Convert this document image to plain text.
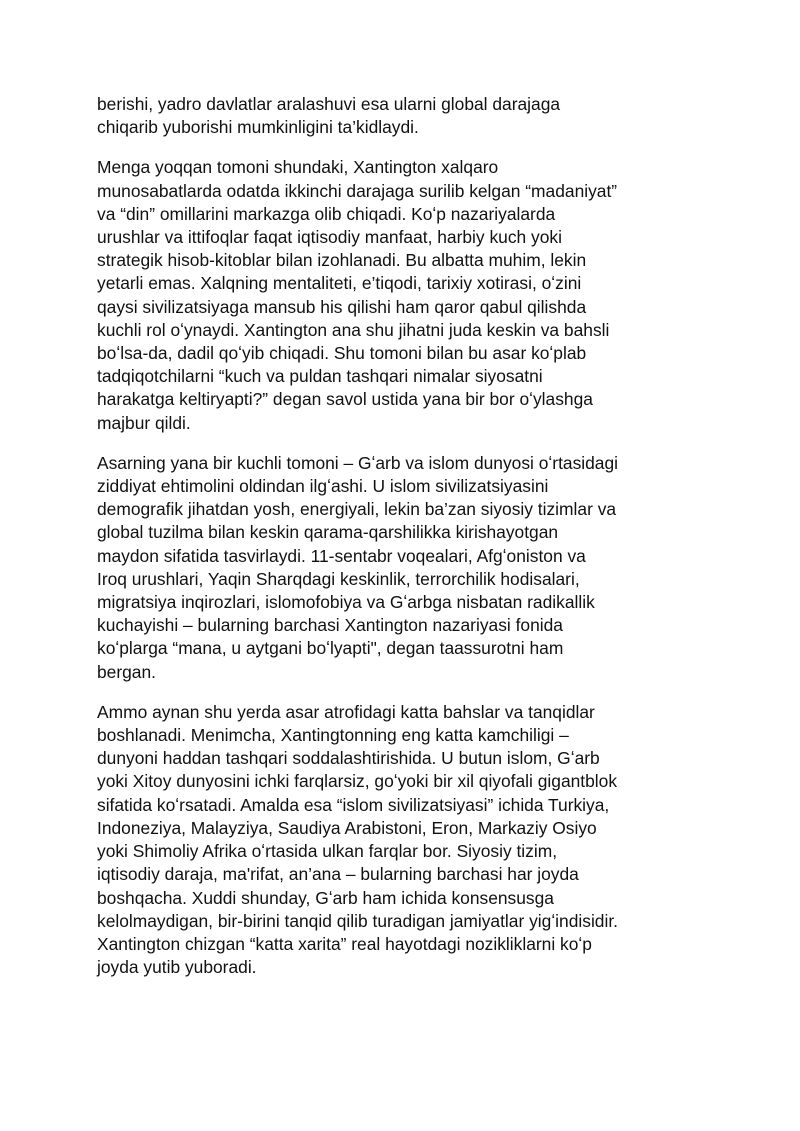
berishi, yadro davlatlar aralashuvi esa ularni global darajaga
chiqarib yuborishi mumkinligini ta’kidlaydi.
Menga yoqqan tomoni shundaki, Xantington xalqaro
munosabatlarda odatda ikkinchi darajaga surilib kelgan “madaniyat”
va “din” omillarini markazga olib chiqadi. Koʻp nazariyalarda
urushlar va ittifoqlar faqat iqtisodiy manfaat, harbiy kuch yoki
strategik hisob-kitoblar bilan izohlanadi. Bu albatta muhim, lekin
yetarli emas. Xalqning mentaliteti, e’tiqodi, tarixiy xotirasi, oʻzini
qaysi sivilizatsiyaga mansub his qilishi ham qaror qabul qilishda
kuchli rol oʻynaydi. Xantington ana shu jihatni juda keskin va bahsli
boʻlsa-da, dadil qoʻyib chiqadi. Shu tomoni bilan bu asar koʻplab
tadqiqotchilarni “kuch va puldan tashqari nimalar siyosatni
harakatga keltiryapti?” degan savol ustida yana bir bor oʻylashga
majbur qildi.
Asarning yana bir kuchli tomoni – Gʻarb va islom dunyosi oʻrtasidagi
ziddiyat ehtimolini oldindan ilgʻashi. U islom sivilizatsiyasini
demografik jihatdan yosh, energiyali, lekin ba’zan siyosiy tizimlar va
global tuzilma bilan keskin qarama-qarshilikka kirishayotgan
maydon sifatida tasvirlaydi. 11-sentabr voqealari, Afgʻoniston va
Iroq urushlari, Yaqin Sharqdagi keskinlik, terrorchilik hodisalari,
migratsiya inqirozlari, islomofobiya va Gʻarbga nisbatan radikallik
kuchayishi – bularning barchasi Xantington nazariyasi fonida
koʻplarga “mana, u aytgani boʻlyapti", degan taassurotni ham
bergan.
Ammo aynan shu yerda asar atrofidagi katta bahslar va tanqidlar
boshlanadi. Menimcha, Xantingtonning eng katta kamchiligi –
dunyoni haddan tashqari soddalashtirishida. U butun islom, Gʻarb
yoki Xitoy dunyosini ichki farqlarsiz, goʻyoki bir xil qiyofali gigantblok
sifatida koʻrsatadi. Amalda esa “islom sivilizatsiyasi” ichida Turkiya,
Indoneziya, Malayziya, Saudiya Arabistoni, Eron, Markaziy Osiyo
yoki Shimoliy Afrika oʻrtasida ulkan farqlar bor. Siyosiy tizim,
iqtisodiy daraja, ma'rifat, an’ana – bularning barchasi har joyda
boshqacha. Xuddi shunday, Gʻarb ham ichida konsensusga
kelolmaydigan, bir-birini tanqid qilib turadigan jamiyatlar yigʻindisidir.
Xantington chizgan “katta xarita” real hayotdagi nozikliklarni koʻp
joyda yutib yuboradi.
